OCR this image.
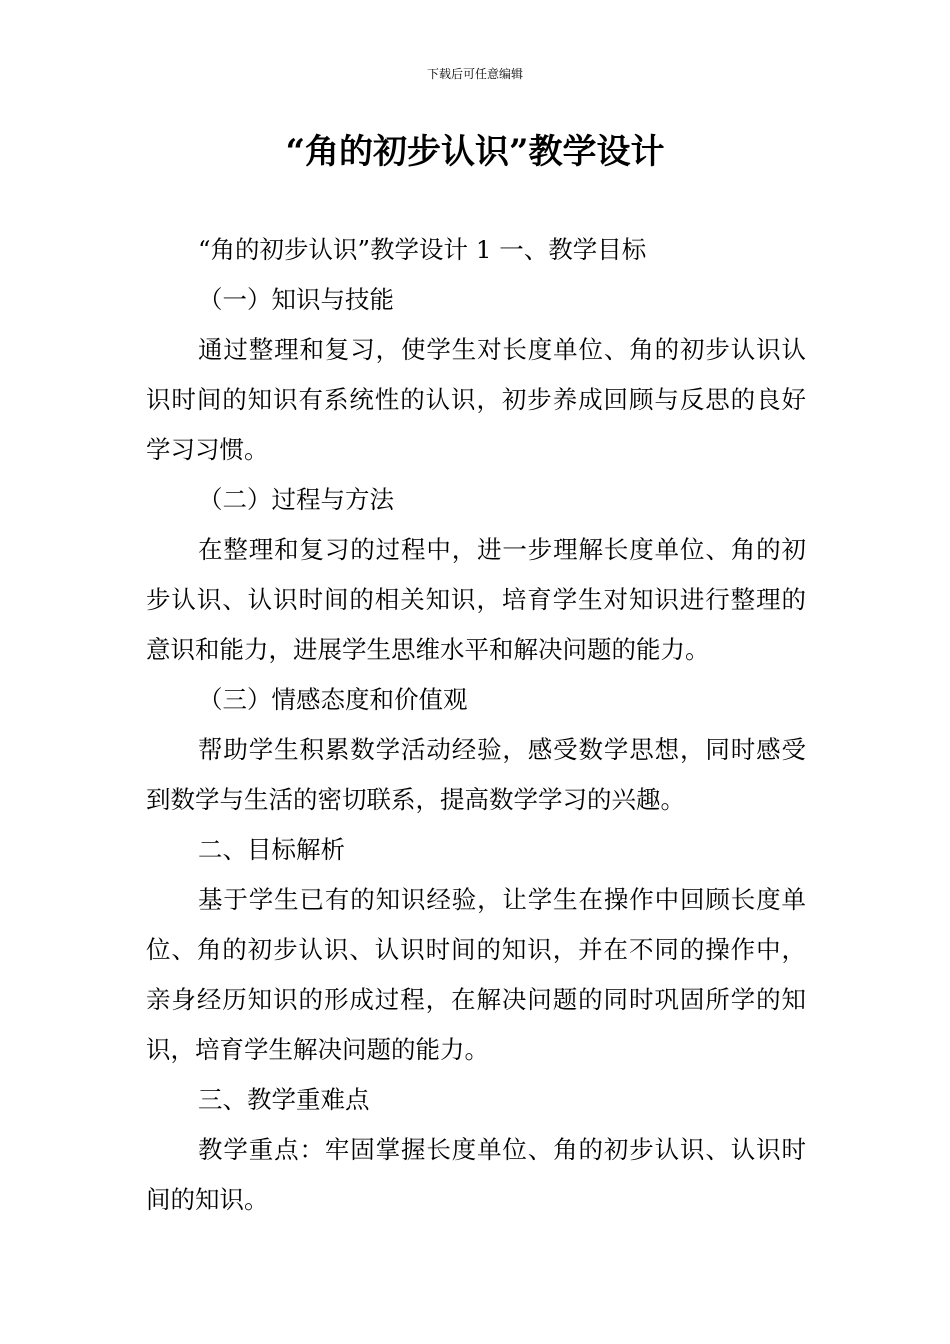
下载后可任意编辑
“角的初步认识”教学设计

“角的初步认识”教学设计 1 一、教学目标

（一）知识与技能

通过整理和复习，使学生对长度单位、角的初步认识认识时间的知识有系统性的认识，初步养成回顾与反思的良好学习习惯。

（二）过程与方法

在整理和复习的过程中，进一步理解长度单位、角的初步认识、认识时间的相关知识，培育学生对知识进行整理的意识和能力，进展学生思维水平和解决问题的能力。

（三）情感态度和价值观

帮助学生积累数学活动经验，感受数学思想，同时感受到数学与生活的密切联系，提高数学学习的兴趣。

二、目标解析

基于学生已有的知识经验，让学生在操作中回顾长度单位、角的初步认识、认识时间的知识，并在不同的操作中，亲身经历知识的形成过程，在解决问题的同时巩固所学的知识，培育学生解决问题的能力。

三、教学重难点

教学重点：牢固掌握长度单位、角的初步认识、认识时间的知识。
